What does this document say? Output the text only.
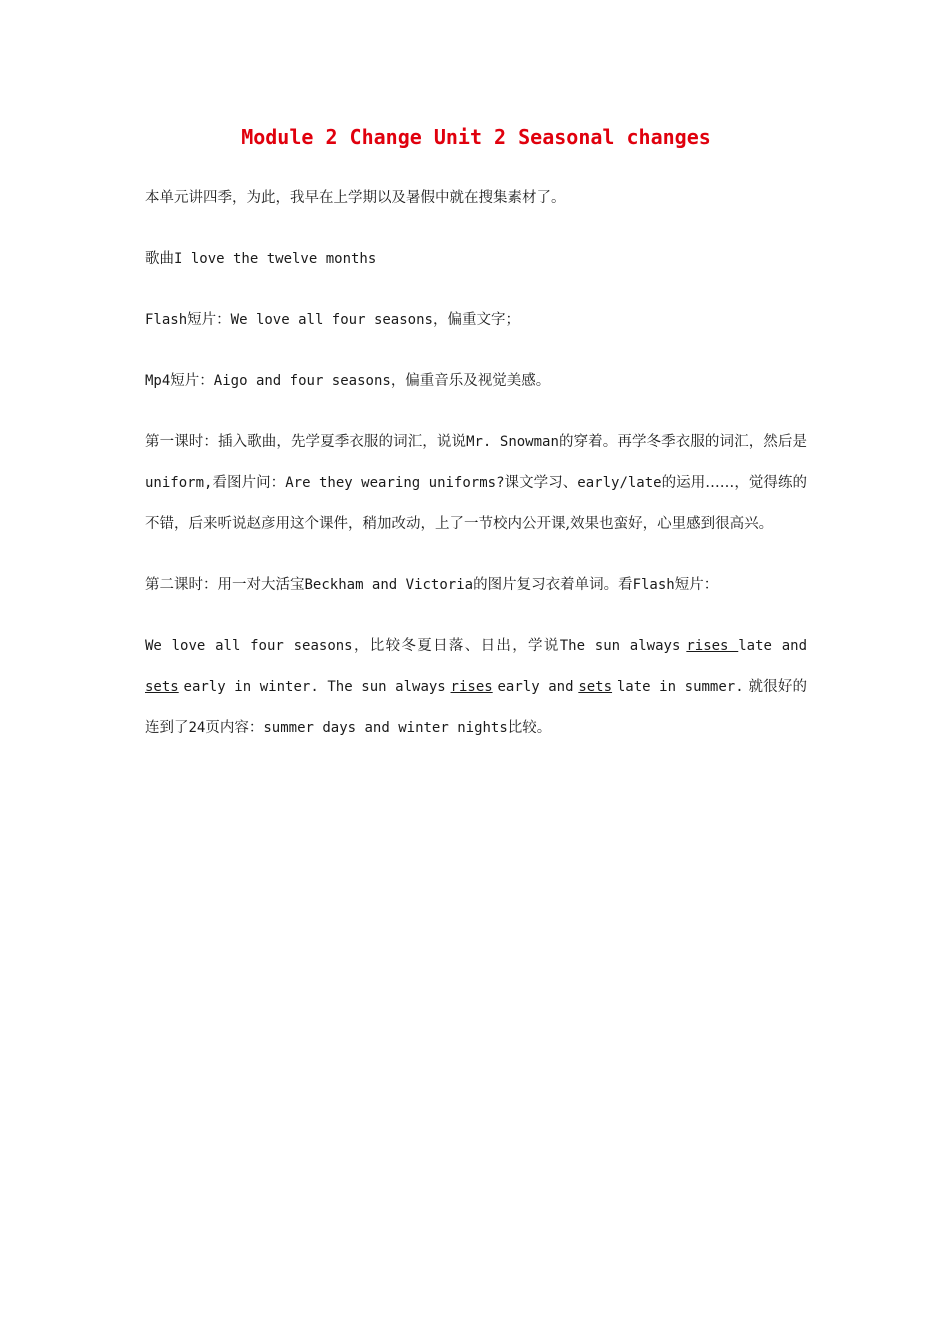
Module 2 Change Unit 2 Seasonal changes

本单元讲四季，为此，我早在上学期以及暑假中就在搜集素材了。

歌曲I love the twelve months

Flash短片：We love all four seasons，偏重文字；

Mp4短片：Aigo and four seasons，偏重音乐及视觉美感。

第一课时：插入歌曲，先学夏季衣服的词汇，说说Mr. Snowman的穿着。再学冬季衣服的词汇，然后是uniform,看图片问：Are they wearing uniforms?课文学习、early/late的运用……，觉得练的不错，后来听说赵彦用这个课件，稍加改动，上了一节校内公开课,效果也蛮好，心里感到很高兴。

第二课时：用一对大活宝Beckham and Victoria的图片复习衣着单词。看Flash短片：

We love all four seasons，比较冬夏日落、日出，学说The sun always rises late and sets early in winter. The sun always rises early and sets late in summer. 就很好的连到了24页内容：summer days and winter nights比较。
